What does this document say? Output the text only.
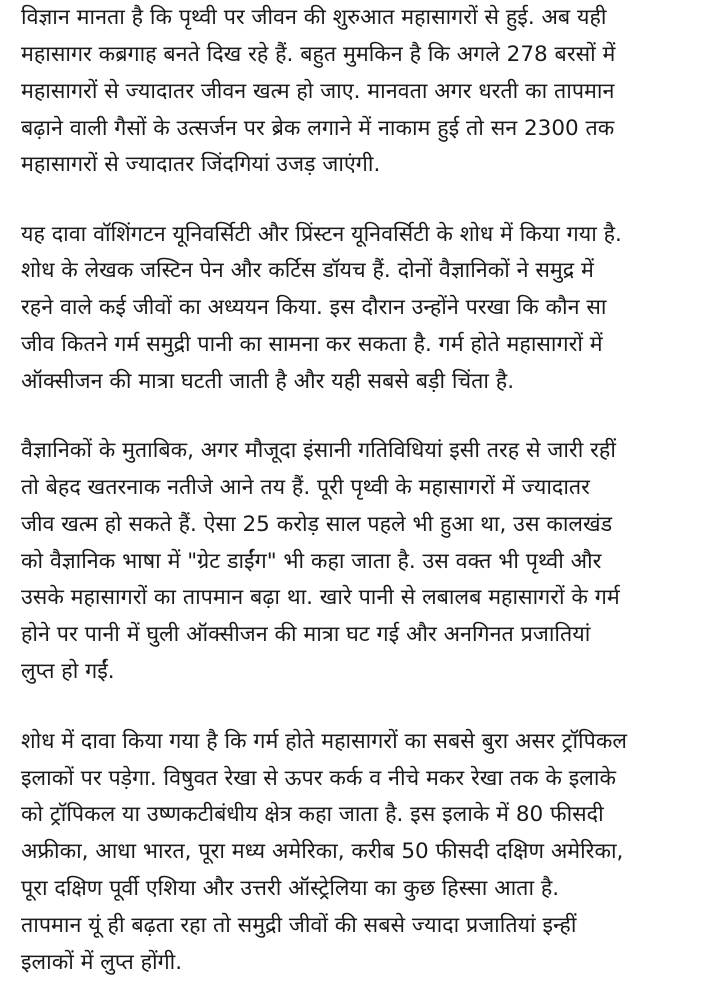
विज्ञान मानता है कि पृथ्वी पर जीवन की शुरुआत महासागरों से हुई. अब यही
महासागर कब्रगाह बनते दिख रहे हैं. बहुत मुमकिन है कि अगले 278 बरसों में
महासागरों से ज्यादातर जीवन खत्म हो जाए. मानवता अगर धरती का तापमान
बढ़ाने वाली गैसों के उत्सर्जन पर ब्रेक लगाने में नाकाम हुई तो सन 2300 तक
महासागरों से ज्यादातर जिंदगियां उजड़ जाएंगी.
यह दावा वॉशिंगटन यूनिवर्सिटी और प्रिंस्टन यूनिवर्सिटी के शोध में किया गया है.
शोध के लेखक जस्टिन पेन और कर्टिस डॉयच हैं. दोनों वैज्ञानिकों ने समुद्र में
रहने वाले कई जीवों का अध्ययन किया. इस दौरान उन्होंने परखा कि कौन सा
जीव कितने गर्म समुद्री पानी का सामना कर सकता है. गर्म होते महासागरों में
ऑक्सीजन की मात्रा घटती जाती है और यही सबसे बड़ी चिंता है.
वैज्ञानिकों के मुताबिक, अगर मौजूदा इंसानी गतिविधियां इसी तरह से जारी रहीं
तो बेहद खतरनाक नतीजे आने तय हैं. पूरी पृथ्वी के महासागरों में ज्यादातर
जीव खत्म हो सकते हैं. ऐसा 25 करोड़ साल पहले भी हुआ था, उस कालखंड
को वैज्ञानिक भाषा में "ग्रेट डाईंग" भी कहा जाता है. उस वक्त भी पृथ्वी और
उसके महासागरों का तापमान बढ़ा था. खारे पानी से लबालब महासागरों के गर्म
होने पर पानी में घुली ऑक्सीजन की मात्रा घट गई और अनगिनत प्रजातियां
लुप्त हो गईं.
शोध में दावा किया गया है कि गर्म होते महासागरों का सबसे बुरा असर ट्रॉपिकल
इलाकों पर पड़ेगा. विषुवत रेखा से ऊपर कर्क व नीचे मकर रेखा तक के इलाके
को ट्रॉपिकल या उष्णकटीबंधीय क्षेत्र कहा जाता है. इस इलाके में 80 फीसदी
अफ्रीका, आधा भारत, पूरा मध्य अमेरिका, करीब 50 फीसदी दक्षिण अमेरिका,
पूरा दक्षिण पूर्वी एशिया और उत्तरी ऑस्ट्रेलिया का कुछ हिस्सा आता है.
तापमान यूं ही बढ़ता रहा तो समुद्री जीवों की सबसे ज्यादा प्रजातियां इन्हीं
इलाकों में लुप्त होंगी.
